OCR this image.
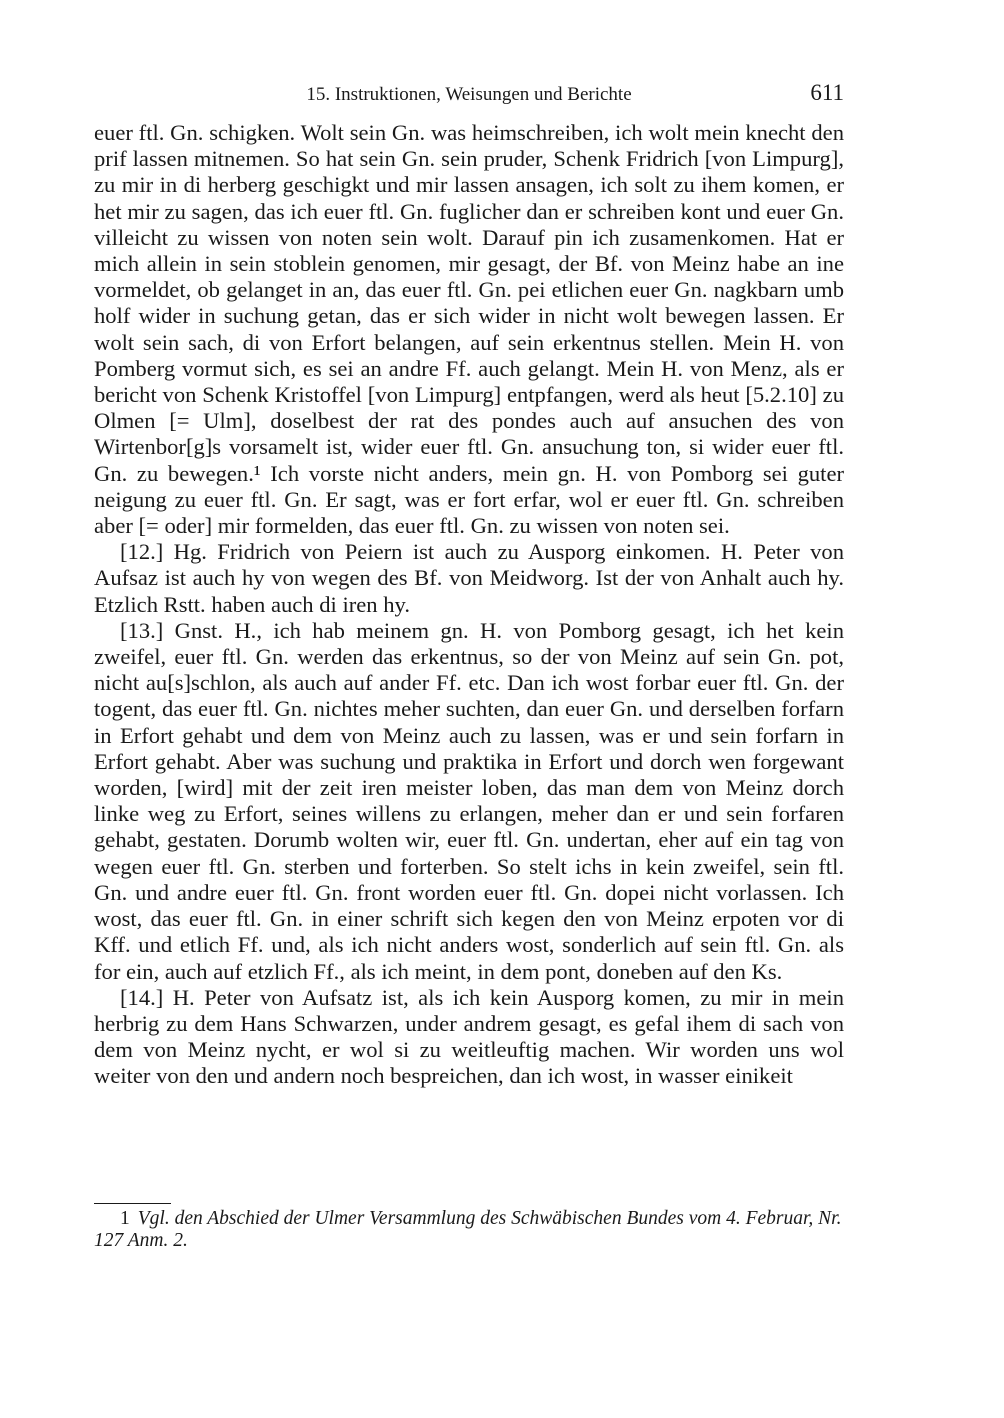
15. Instruktionen, Weisungen und Berichte	611

euer ftl. Gn. schigken. Wolt sein Gn. was heimschreiben, ich wolt mein knecht den prif lassen mitnemen. So hat sein Gn. sein pruder, Schenk Fridrich [von Limpurg], zu mir in di herberg geschigkt und mir lassen ansagen, ich solt zu ihem komen, er het mir zu sagen, das ich euer ftl. Gn. fuglicher dan er schreiben kont und euer Gn. villeicht zu wissen von noten sein wolt. Darauf pin ich zusamenkomen. Hat er mich allein in sein stoblein genomen, mir gesagt, der Bf. von Meinz habe an ine vormeldet, ob gelanget in an, das euer ftl. Gn. pei etlichen euer Gn. nagkbarn umb holf wider in suchung getan, das er sich wider in nicht wolt bewegen lassen. Er wolt sein sach, di von Erfort belangen, auf sein erkentnus stellen. Mein H. von Pomberg vormut sich, es sei an andre Ff. auch gelangt. Mein H. von Menz, als er bericht von Schenk Kristoffel [von Limpurg] entpfangen, werd als heut [5.2.10] zu Olmen [= Ulm], doselbest der rat des pondes auch auf ansuchen des von Wirtenbor[g]s vorsamelt ist, wider euer ftl. Gn. ansuchung ton, si wider euer ftl. Gn. zu bewegen.¹ Ich vorste nicht anders, mein gn. H. von Pomborg sei guter neigung zu euer ftl. Gn. Er sagt, was er fort erfar, wol er euer ftl. Gn. schreiben aber [= oder] mir formelden, das euer ftl. Gn. zu wissen von noten sei.

[12.] Hg. Fridrich von Peiern ist auch zu Ausporg einkomen. H. Peter von Aufsaz ist auch hy von wegen des Bf. von Meidworg. Ist der von Anhalt auch hy. Etzlich Rstt. haben auch di iren hy.

[13.] Gnst. H., ich hab meinem gn. H. von Pomborg gesagt, ich het kein zweifel, euer ftl. Gn. werden das erkentnus, so der von Meinz auf sein Gn. pot, nicht au[s]schlon, als auch auf ander Ff. etc. Dan ich wost forbar euer ftl. Gn. der togent, das euer ftl. Gn. nichtes meher suchten, dan euer Gn. und derselben forfarn in Erfort gehabt und dem von Meinz auch zu lassen, was er und sein forfarn in Erfort gehabt. Aber was suchung und praktika in Erfort und dorch wen forgewant worden, [wird] mit der zeit iren meister loben, das man dem von Meinz dorch linke weg zu Erfort, seines willens zu erlangen, meher dan er und sein forfaren gehabt, gestaten. Dorumb wolten wir, euer ftl. Gn. undertan, eher auf ein tag von wegen euer ftl. Gn. sterben und forterben. So stelt ichs in kein zweifel, sein ftl. Gn. und andre euer ftl. Gn. front worden euer ftl. Gn. dopei nicht vorlassen. Ich wost, das euer ftl. Gn. in einer schrift sich kegen den von Meinz erpoten vor di Kff. und etlich Ff. und, als ich nicht anders wost, sonderlich auf sein ftl. Gn. als for ein, auch auf etzlich Ff., als ich meint, in dem pont, doneben auf den Ks.

[14.] H. Peter von Aufsatz ist, als ich kein Ausporg komen, zu mir in mein herbrig zu dem Hans Schwarzen, under andrem gesagt, es gefal ihem di sach von dem von Meinz nycht, er wol si zu weitleuftig machen. Wir worden uns wol weiter von den und andern noch bespreichen, dan ich wost, in wasser einikeit

1 Vgl. den Abschied der Ulmer Versammlung des Schwäbischen Bundes vom 4. Februar, Nr. 127 Anm. 2.
